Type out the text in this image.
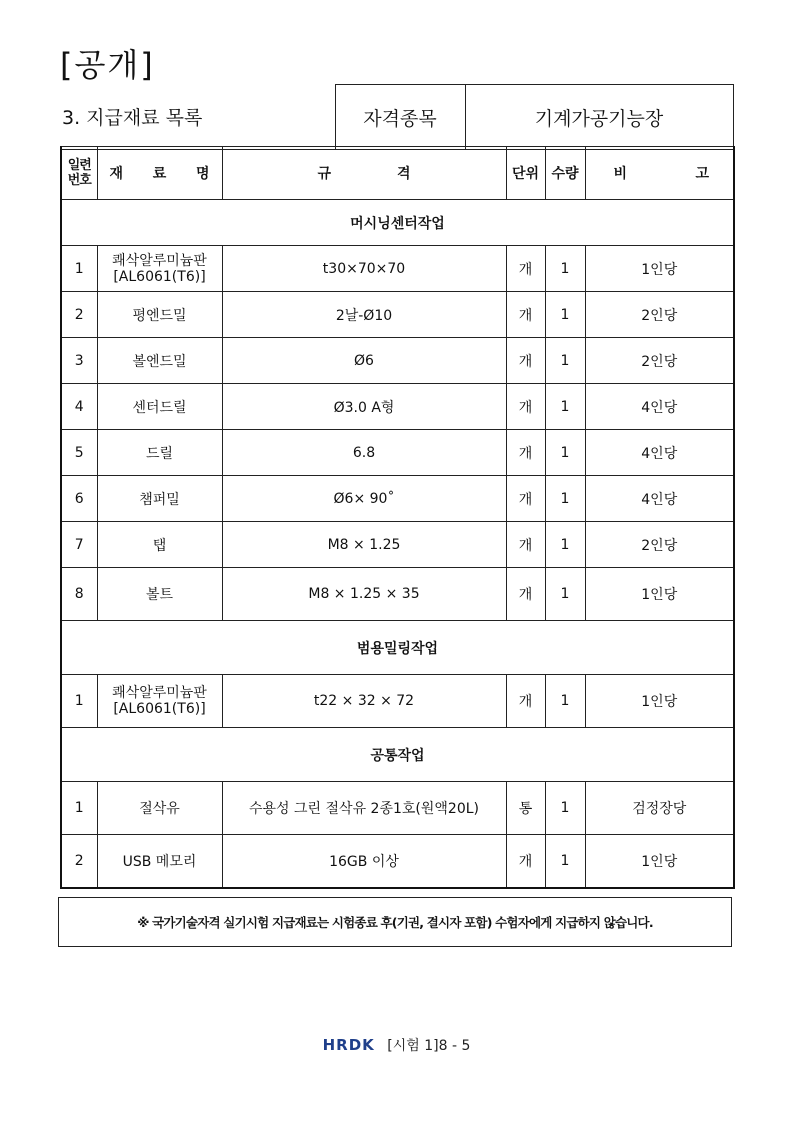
[공개]
3. 지급재료 목록	자격종목	기계가공기능장
일련
번호	재 료 명	규 격	단위	수량	비 고

머시닝센터작업					
1	쾌삭알루미늄판
[AL6061(T6)]	t30×70×70	개	1	1인당
2	평엔드밀	2날-Ø10	개	1	2인당
3	볼엔드밀	Ø6	개	1	2인당
4	센터드릴	Ø3.0 A형	개	1	4인당
5	드릴	6.8	개	1	4인당
6	챔퍼밀	Ø6× 90˚	개	1	4인당
7	탭	M8 × 1.25	개	1	2인당
8	볼트	M8 × 1.25 × 35	개	1	1인당
범용밀링작업					
1	쾌삭알루미늄판
[AL6061(T6)]	t22 × 32 × 72	개	1	1인당
공통작업					
1	절삭유	수용성 그린 절삭유 2종1호(원액20L)	통	1	검정장당
2	USB 메모리	16GB 이상	개	1	1인당
※ 국가기술자격 실기시험 지급재료는 시험종료 후(기권, 결시자 포함) 수험자에게 지급하지 않습니다.
HRDK [시험 1]8 - 5
